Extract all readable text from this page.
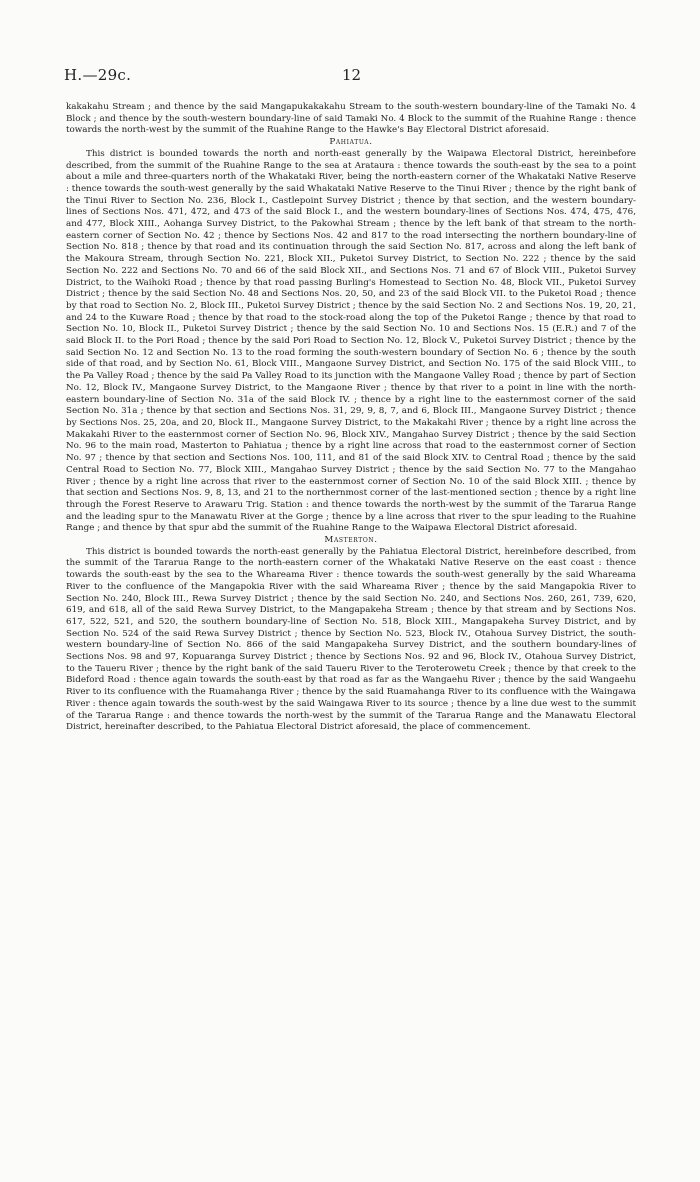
H.—29c.	12

kakakahu Stream ; and thence by the said Mangapukakakahu Stream to the south-western boundary-line of the Tamaki No. 4 Block ; and thence by the south-western boundary-line of said Tamaki No. 4 Block to the summit of the Ruahine Range : thence towards the north-west by the summit of the Ruahine Range to the Hawke's Bay Electoral District aforesaid.

Pahiatua.

This district is bounded towards the north and north-east generally by the Waipawa Electoral District, hereinbefore described, from the summit of the Ruahine Range to the sea at Arataura : thence towards the south-east by the sea to a point about a mile and three-quarters north of the Whakataki River, being the north-eastern corner of the Whakataki Native Reserve : thence towards the south-west generally by the said Whakataki Native Reserve to the Tinui River ; thence by the right bank of the Tinui River to Section No. 236, Block I., Castlepoint Survey District ; thence by that section, and the western boundary-lines of Sections Nos. 471, 472, and 473 of the said Block I., and the western boundary-lines of Sections Nos. 474, 475, 476, and 477, Block XIII., Aohanga Survey District, to the Pakowhai Stream ; thence by the left bank of that stream to the north-eastern corner of Section No. 42 ; thence by Sections Nos. 42 and 817 to the road intersecting the northern boundary-line of Section No. 818 ; thence by that road and its continuation through the said Section No. 817, across and along the left bank of the Makoura Stream, through Section No. 221, Block XII., Puketoi Survey District, to Section No. 222 ; thence by the said Section No. 222 and Sections No. 70 and 66 of the said Block XII., and Sections Nos. 71 and 67 of Block VIII., Puketoi Survey District, to the Waihoki Road ; thence by that road passing Burling's Homestead to Section No. 48, Block VII., Puketoi Survey District ; thence by the said Section No. 48 and Sections Nos. 20, 50, and 23 of the said Block VII. to the Puketoi Road ; thence by that road to Section No. 2, Block III., Puketoi Survey District ; thence by the said Section No. 2 and Sections Nos. 19, 20, 21, and 24 to the Kuware Road ; thence by that road to the stock-road along the top of the Puketoi Range ; thence by that road to Section No. 10, Block II., Puketoi Survey District ; thence by the said Section No. 10 and Sections Nos. 15 (E.R.) and 7 of the said Block II. to the Pori Road ; thence by the said Pori Road to Section No. 12, Block V., Puketoi Survey District ; thence by the said Section No. 12 and Section No. 13 to the road forming the south-western boundary of Section No. 6 ; thence by the south side of that road, and by Section No. 61, Block VIII., Mangaone Survey District, and Section No. 175 of the said Block VIII., to the Pa Valley Road ; thence by the said Pa Valley Road to its junction with the Mangaone Valley Road ; thence by part of Section No. 12, Block IV., Mangaone Survey District, to the Mangaone River ; thence by that river to a point in line with the north-eastern boundary-line of Section No. 31a of the said Block IV. ; thence by a right line to the easternmost corner of the said Section No. 31a ; thence by that section and Sections Nos. 31, 29, 9, 8, 7, and 6, Block III., Mangaone Survey District ; thence by Sections Nos. 25, 20a, and 20, Block II., Mangaone Survey District, to the Makakahi River ; thence by a right line across the Makakahi River to the easternmost corner of Section No. 96, Block XIV., Mangahao Survey District ; thence by the said Section No. 96 to the main road, Masterton to Pahiatua ; thence by a right line across that road to the easternmost corner of Section No. 97 ; thence by that section and Sections Nos. 100, 111, and 81 of the said Block XIV. to Central Road ; thence by the said Central Road to Section No. 77, Block XIII., Mangahao Survey District ; thence by the said Section No. 77 to the Mangahao River ; thence by a right line across that river to the easternmost corner of Section No. 10 of the said Block XIII. ; thence by that section and Sections Nos. 9, 8, 13, and 21 to the northernmost corner of the last-mentioned section ; thence by a right line through the Forest Reserve to Arawaru Trig. Station : and thence towards the north-west by the summit of the Tararua Range and the leading spur to the Manawatu River at the Gorge ; thence by a line across that river to the spur leading to the Ruahine Range ; and thence by that spur abd the summit of the Ruahine Range to the Waipawa Electoral District aforesaid.

Masterton.

This district is bounded towards the north-east generally by the Pahiatua Electoral District, hereinbefore described, from the summit of the Tararua Range to the north-eastern corner of the Whakataki Native Reserve on the east coast : thence towards the south-east by the sea to the Whareama River : thence towards the south-west generally by the said Whareama River to the confluence of the Mangapokia River with the said Whareama River ; thence by the said Mangapokia River to Section No. 240, Block III., Rewa Survey District ; thence by the said Section No. 240, and Sections Nos. 260, 261, 739, 620, 619, and 618, all of the said Rewa Survey District, to the Mangapakeha Stream ; thence by that stream and by Sections Nos. 617, 522, 521, and 520, the southern boundary-line of Section No. 518, Block XIII., Mangapakeha Survey District, and by Section No. 524 of the said Rewa Survey District ; thence by Section No. 523, Block IV., Otahoua Survey District, the south-western boundary-line of Section No. 866 of the said Mangapakeha Survey District, and the southern boundary-lines of Sections Nos. 98 and 97, Kopuaranga Survey District ; thence by Sections Nos. 92 and 96, Block IV., Otahoua Survey District, to the Taueru River ; thence by the right bank of the said Taueru River to the Teroterowetu Creek ; thence by that creek to the Bideford Road : thence again towards the south-east by that road as far as the Wangaehu River ; thence by the said Wangaehu River to its confluence with the Ruamahanga River ; thence by the said Ruamahanga River to its confluence with the Waingawa River : thence again towards the south-west by the said Waingawa River to its source ; thence by a line due west to the summit of the Tararua Range : and thence towards the north-west by the summit of the Tararua Range and the Manawatu Electoral District, hereinafter described, to the Pahiatua Electoral District aforesaid, the place of commencement.
